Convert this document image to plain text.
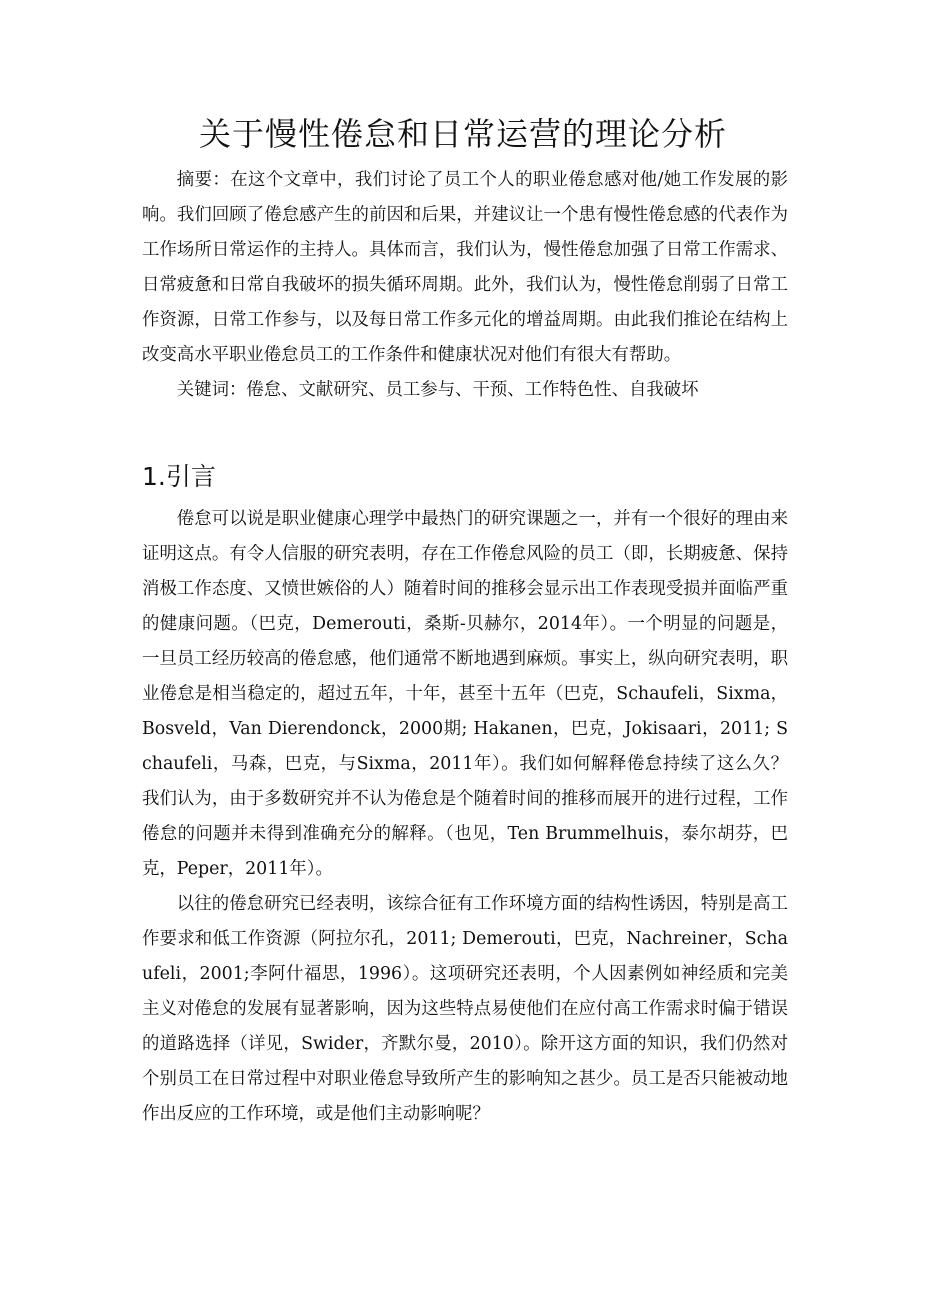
关于慢性倦怠和日常运营的理论分析

摘要：在这个文章中，我们讨论了员工个人的职业倦怠感对他/她工作发展的影响。我们回顾了倦怠感产生的前因和后果，并建议让一个患有慢性倦怠感的代表作为工作场所日常运作的主持人。具体而言，我们认为，慢性倦怠加强了日常工作需求、日常疲惫和日常自我破坏的损失循环周期。此外，我们认为，慢性倦怠削弱了日常工作资源，日常工作参与，以及每日常工作多元化的增益周期。由此我们推论在结构上改变高水平职业倦怠员工的工作条件和健康状况对他们有很大有帮助。

关键词：倦怠、文献研究、员工参与、干预、工作特色性、自我破坏

1.引言

倦怠可以说是职业健康心理学中最热门的研究课题之一，并有一个很好的理由来证明这点。有令人信服的研究表明，存在工作倦怠风险的员工（即，长期疲惫、保持消极工作态度、又愤世嫉俗的人）随着时间的推移会显示出工作表现受损并面临严重的健康问题。（巴克，Demerouti，桑斯-贝赫尔，2014年）。一个明显的问题是，一旦员工经历较高的倦怠感，他们通常不断地遇到麻烦。事实上，纵向研究表明，职业倦怠是相当稳定的，超过五年，十年，甚至十五年（巴克，Schaufeli，Sixma，Bosveld，Van Dierendonck，2000期; Hakanen，巴克，Jokisaari，2011; Schaufeli，马森，巴克，与Sixma，2011年）。我们如何解释倦怠持续了这么久？我们认为，由于多数研究并不认为倦怠是个随着时间的推移而展开的进行过程，工作倦怠的问题并未得到准确充分的解释。（也见，Ten Brummelhuis，泰尔胡芬，巴克，Peper，2011年）。

以往的倦怠研究已经表明，该综合征有工作环境方面的结构性诱因，特别是高工作要求和低工作资源（阿拉尔孔，2011; Demerouti，巴克，Nachreiner，Schaufeli，2001;李阿什福思，1996）。这项研究还表明，个人因素例如神经质和完美主义对倦怠的发展有显著影响，因为这些特点易使他们在应付高工作需求时偏于错误的道路选择（详见，Swider，齐默尔曼，2010）。除开这方面的知识，我们仍然对个别员工在日常过程中对职业倦怠导致所产生的影响知之甚少。员工是否只能被动地作出反应的工作环境，或是他们主动影响呢？
